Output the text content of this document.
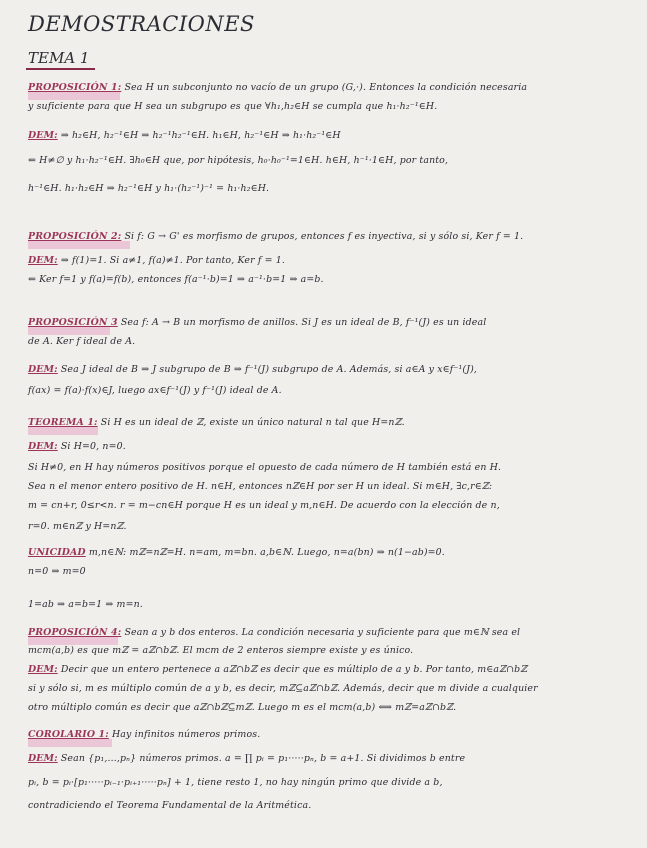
DEMOSTRACIONES
TEMA 1
PROPOSICIÓN 1: Sea H un subconjunto no vacío de un grupo (G,·). Entonces la condición necesaria
y suficiente para que H sea un subgrupo es que ∀h₁,h₂∈H se cumpla que h₁·h₂⁻¹∈H.
DEM: ⇒ h₂∈H, h₂⁻¹∈H ⇒ h₂⁻¹h₂⁻¹∈H. h₁∈H, h₂⁻¹∈H ⇒ h₁·h₂⁻¹∈H
⇐ H≠∅ y h₁·h₂⁻¹∈H. ∃h₀∈H que, por hipótesis, h₀·h₀⁻¹=1∈H. h∈H, h⁻¹·1∈H, por tanto,
h⁻¹∈H. h₁·h₂∈H ⇒ h₂⁻¹∈H y h₁·(h₂⁻¹)⁻¹ = h₁·h₂∈H.
PROPOSICIÓN 2: Si f: G → G' es morfismo de grupos, entonces f es inyectiva, si y sólo si, Ker f = 1.
DEM: ⇒ f(1)=1. Si a≠1, f(a)≠1. Por tanto, Ker f = 1.
⇐ Ker f=1 y f(a)=f(b), entonces f(a⁻¹·b)=1 ⇒ a⁻¹·b=1 ⇒ a=b.
PROPOSICIÓN 3 Sea f: A → B un morfismo de anillos. Si J es un ideal de B, f⁻¹(J) es un ideal
de A. Ker f ideal de A.
DEM: Sea J ideal de B ⇒ J subgrupo de B ⇒ f⁻¹(J) subgrupo de A. Además, si a∈A y x∈f⁻¹(J),
f(ax) = f(a)·f(x)∈J, luego ax∈f⁻¹(J) y f⁻¹(J) ideal de A.
TEOREMA 1: Si H es un ideal de ℤ, existe un único natural n tal que H=nℤ.
DEM: Si H=0, n=0.
Si H≠0, en H hay números positivos porque el opuesto de cada número de H también está en H.
Sea n el menor entero positivo de H. n∈H, entonces nℤ∈H por ser H un ideal. Si m∈H, ∃c,r∈ℤ:
m = cn+r, 0≤r<n. r = m−cn∈H porque H es un ideal y m,n∈H. De acuerdo con la elección de n,
r=0. m∈nℤ y H=nℤ.
UNICIDAD m,n∈ℕ: mℤ=nℤ=H. n=am, m=bn. a,b∈ℕ. Luego, n=a(bn) ⇒ n(1−ab)=0.
n=0 ⇒ m=0
1=ab ⇒ a=b=1 ⇒ m=n.
PROPOSICIÓN 4: Sean a y b dos enteros. La condición necesaria y suficiente para que m∈ℕ sea el
mcm(a,b) es que mℤ = aℤ∩bℤ. El mcm de 2 enteros siempre existe y es único.
DEM: Decir que un entero pertenece a aℤ∩bℤ es decir que es múltiplo de a y b. Por tanto, m∈aℤ∩bℤ
si y sólo si, m es múltiplo común de a y b, es decir, mℤ⊆aℤ∩bℤ. Además, decir que m divide a cualquier
otro múltiplo común es decir que aℤ∩bℤ⊆mℤ. Luego m es el mcm(a,b) ⟺ mℤ=aℤ∩bℤ.
COROLARIO 1: Hay infinitos números primos.
DEM: Sean {p₁,...,pₙ} números primos. a = ∏ pᵢ = p₁·····pₙ, b = a+1. Si dividimos b entre
pᵢ, b = pᵢ·[p₁·····pᵢ₋₁·pᵢ₊₁·····pₙ] + 1, tiene resto 1, no hay ningún primo que divide a b,
contradiciendo el Teorema Fundamental de la Aritmética.
